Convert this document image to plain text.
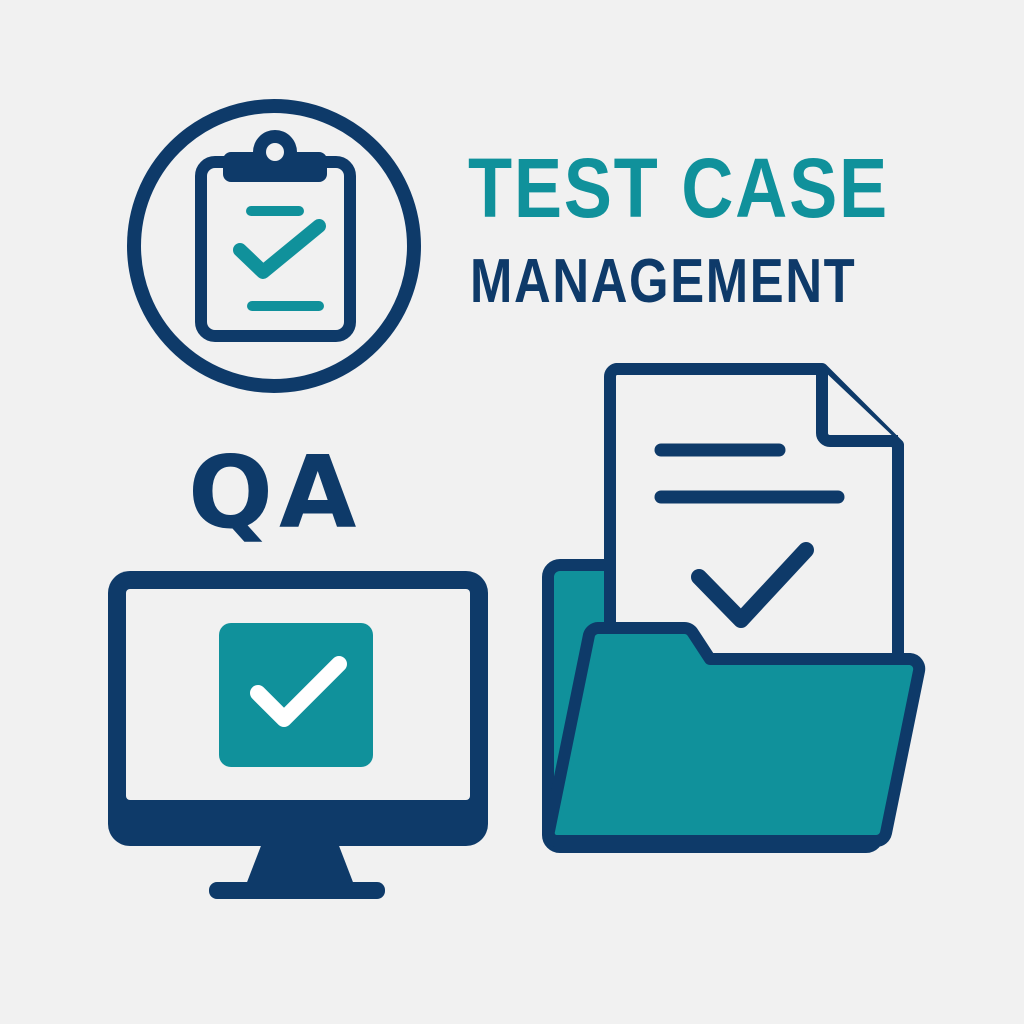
TEST CASE
MANAGEMENT
QA
